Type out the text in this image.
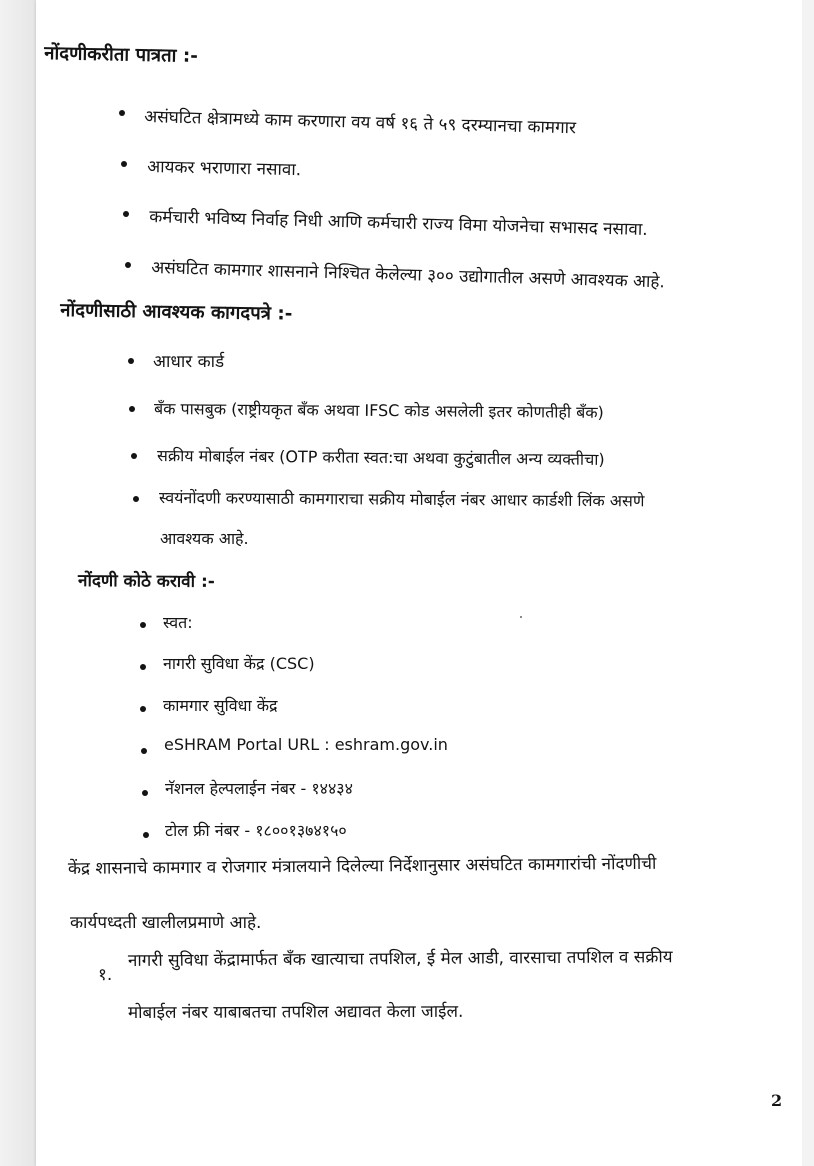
नोंदणीकरीता पात्रता :-
असंघटित क्षेत्रामध्ये काम करणारा वय वर्ष १६ ते ५९ दरम्यानचा कामगार
आयकर भराणारा नसावा.
कर्मचारी भविष्य निर्वाह निधी आणि कर्मचारी राज्य विमा योजनेचा सभासद नसावा.
असंघटित कामगार शासनाने निश्चित केलेल्या ३०० उद्योगातील असणे आवश्यक आहे.
नोंदणीसाठी आवश्यक कागदपत्रे :-
आधार कार्ड
बँक पासबुक (राष्ट्रीयकृत बँक अथवा IFSC कोड असलेली इतर कोणतीही बँक)
सक्रीय मोबाईल नंबर (OTP करीता स्वत:चा अथवा कुटुंबातील अन्य व्यक्तीचा)
स्वयंनोंदणी करण्यासाठी कामगाराचा सक्रीय मोबाईल नंबर आधार कार्डशी लिंक असणे
आवश्यक आहे.
नोंदणी कोठे करावी :-
स्वत:
नागरी सुविधा केंद्र (CSC)
कामगार सुविधा केंद्र
eSHRAM Portal URL : eshram.gov.in
नॅशनल हेल्पलाईन नंबर - १४४३४
टोल फ्री नंबर - १८००१३७४१५०
केंद्र शासनाचे कामगार व रोजगार मंत्रालयाने दिलेल्या निर्देशानुसार असंघटित कामगारांची नोंदणीची
कार्यपध्दती खालीलप्रमाणे आहे.
१.
नागरी सुविधा केंद्रामार्फत बँक खात्याचा तपशिल, ई मेल आडी, वारसाचा तपशिल व सक्रीय
मोबाईल नंबर याबाबतचा तपशिल अद्यावत केला जाईल.
2
